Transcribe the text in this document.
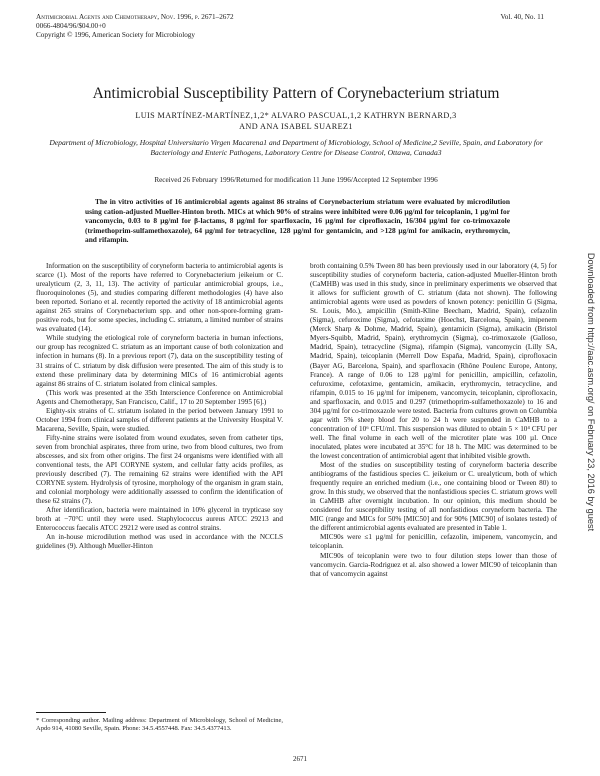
Antimicrobial Agents and Chemotherapy, Nov. 1996, p. 2671–2672
0066-4804/96/$04.00+0
Copyright © 1996, American Society for Microbiology
Vol. 40, No. 11
Antimicrobial Susceptibility Pattern of Corynebacterium striatum
LUIS MARTÍNEZ-MARTÍNEZ,1,2* ALVARO PASCUAL,1,2 KATHRYN BERNARD,3
AND ANA ISABEL SUAREZ1
Department of Microbiology, Hospital Universitario Virgen Macarena1 and Department of Microbiology, School of Medicine,2 Seville, Spain, and Laboratory for Bacteriology and Enteric Pathogens, Laboratory Centre for Disease Control, Ottawa, Canada3
Received 26 February 1996/Returned for modification 11 June 1996/Accepted 12 September 1996
The in vitro activities of 16 antimicrobial agents against 86 strains of Corynebacterium striatum were evaluated by microdilution using cation-adjusted Mueller-Hinton broth. MICs at which 90% of strains were inhibited were 0.06 µg/ml for teicoplanin, 1 µg/ml for vancomycin, 0.03 to 8 µg/ml for β-lactams, 8 µg/ml for sparfloxacin, 16 µg/ml for ciprofloxacin, 16/304 µg/ml for co-trimoxazole (trimethoprim-sulfamethoxazole), 64 µg/ml for tetracycline, 128 µg/ml for gentamicin, and >128 µg/ml for amikacin, erythromycin, and rifampin.

Information on the susceptibility of coryneform bacteria to antimicrobial agents is scarce (1). Most of the reports have referred to Corynebacterium jeikeium or C. urealyticum (2, 3, 11, 13). The activity of particular antimicrobial groups, i.e., fluoroquinolones (5), and studies comparing different methodologies (4) have also been reported. Soriano et al. recently reported the activity of 18 antimicrobial agents against 265 strains of Corynebacterium spp. and other non-spore-forming gram-positive rods, but for some species, including C. striatum, a limited number of strains was evaluated (14).

While studying the etiological role of coryneform bacteria in human infections, our group has recognized C. striatum as an important cause of both colonization and infection in humans (8). In a previous report (7), data on the susceptibility testing of 31 strains of C. striatum by disk diffusion were presented. The aim of this study is to extend these preliminary data by determining MICs of 16 antimicrobial agents against 86 strains of C. striatum isolated from clinical samples.

(This work was presented at the 35th Interscience Conference on Antimicrobial Agents and Chemotherapy, San Francisco, Calif., 17 to 20 September 1995 [6].)

Eighty-six strains of C. striatum isolated in the period between January 1991 to October 1994 from clinical samples of different patients at the University Hospital V. Macarena, Seville, Spain, were studied.

Fifty-nine strains were isolated from wound exudates, seven from catheter tips, seven from bronchial aspirates, three from urine, two from blood cultures, two from abscesses, and six from other origins. The first 24 organisms were identified with all conventional tests, the API CORYNE system, and cellular fatty acids profiles, as previously described (7). The remaining 62 strains were identified with the API CORYNE system. Hydrolysis of tyrosine, morphology of the organism in gram stain, and colonial morphology were additionally assessed to confirm the identification of these 62 strains (7).

After identification, bacteria were maintained in 10% glycerol in trypticase soy broth at −70°C until they were used. Staphylococcus aureus ATCC 29213 and Enterococcus faecalis ATCC 29212 were used as control strains.

An in-house microdilution method was used in accordance with the NCCLS guidelines (9). Although Mueller-Hinton

broth containing 0.5% Tween 80 has been previously used in our laboratory (4, 5) for susceptibility studies of coryneform bacteria, cation-adjusted Mueller-Hinton broth (CaMHB) was used in this study, since in preliminary experiments we observed that it allows for sufficient growth of C. striatum (data not shown). The following antimicrobial agents were used as powders of known potency: penicillin G (Sigma, St. Louis, Mo.), ampicillin (Smith-Kline Beecham, Madrid, Spain), cefazolin (Sigma), cefuroxime (Sigma), cefotaxime (Hoechst, Barcelona, Spain), imipenem (Merck Sharp & Dohme, Madrid, Spain), gentamicin (Sigma), amikacin (Bristol Myers-Squibb, Madrid, Spain), erythromycin (Sigma), co-trimoxazole (Galloso, Madrid, Spain), tetracycline (Sigma), rifampin (Sigma), vancomycin (Lilly SA, Madrid, Spain), teicoplanin (Merrell Dow España, Madrid, Spain), ciprofloxacin (Bayer AG, Barcelona, Spain), and sparfloxacin (Rhône Poulenc Europe, Antony, France). A range of 0.06 to 128 µg/ml for penicillin, ampicillin, cefazolin, cefuroxime, cefotaxime, gentamicin, amikacin, erythromycin, tetracycline, and rifampin, 0.015 to 16 µg/ml for imipenem, vancomycin, teicoplanin, ciprofloxacin, and sparfloxacin, and 0.015 and 0.297 (trimethoprim-sulfamethoxazole) to 16 and 304 µg/ml for co-trimoxazole were tested. Bacteria from cultures grown on Columbia agar with 5% sheep blood for 20 to 24 h were suspended in CaMHB to a concentration of 10⁶ CFU/ml. This suspension was diluted to obtain 5 × 10⁴ CFU per well. The final volume in each well of the microtiter plate was 100 µl. Once inoculated, plates were incubated at 35°C for 18 h. The MIC was determined to be the lowest concentration of antimicrobial agent that inhibited visible growth.

Most of the studies on susceptibility testing of coryneform bacteria describe antibiograms of the fastidious species C. jeikeium or C. urealyticum, both of which frequently require an enriched medium (i.e., one containing blood or Tween 80) to grow. In this study, we observed that the nonfastidious species C. striatum grows well in CaMHB after overnight incubation. In our opinion, this medium should be considered for susceptibility testing of all nonfastidious coryneform bacteria. The MIC (range and MICs for 50% [MIC50] and for 90% [MIC90] of isolates tested) of the different antimicrobial agents evaluated are presented in Table 1.

MIC90s were ≤1 µg/ml for penicillin, cefazolin, imipenem, vancomycin, and teicoplanin.

MIC90s of teicoplanin were two to four dilution steps lower than those of vancomycin. Garcia-Rodriguez et al. also showed a lower MIC90 of teicoplanin than that of vancomycin against

* Corresponding author. Mailing address: Department of Microbiology, School of Medicine, Apdo 914, 41080 Seville, Spain. Phone: 34.5.4557448. Fax: 34.5.4377413.
2671
Downloaded from http://aac.asm.org/ on February 23, 2016 by guest
